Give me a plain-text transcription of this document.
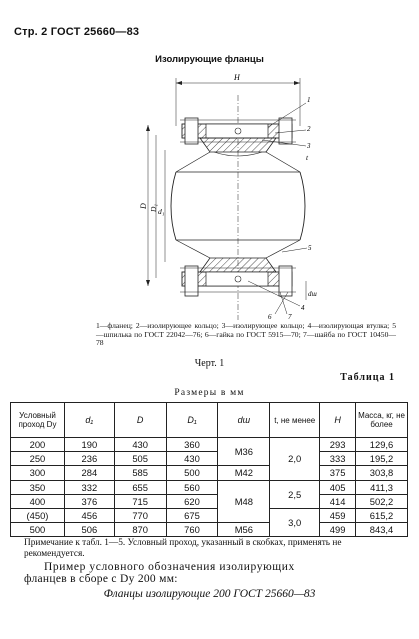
Стр. 2 ГОСТ 25660—83
Изолирующие фланцы
H
D D₁ d₁
dш
t
1
2
3
5
6 7
4
1—фланец; 2—изолирующее кольцо; 3—изолирующее кольцо; 4—изолирующая втулка; 5—шпилька по ГОСТ 22042—76; 6—гайка по ГОСТ 5915—70; 7—шайба по ГОСТ 10450—78
Черт. 1
Таблица 1
Размеры в мм
Условный проход Dу	d₁	D	D₁	dш	t, не менее	H	Масса, кг, не более
200	190	430	360	M36	2,0	293	129,6
250	236	505	430			333	195,2
300	284	585	500	M42		375	303,8
350	332	655	560	M48	2,5	405	411,3
400	376	715	620			414	502,2
(450)	456	770	675		3,0	459	615,2
500	506	870	760	M56		499	843,4
Примечание к табл. 1—5. Условный проход, указанный в скобках, применять не рекомендуется.
Пример условного обозначения изолирующих
фланцев в сборе с Dу 200 мм:
Фланцы изолирующие 200 ГОСТ 25660—83
